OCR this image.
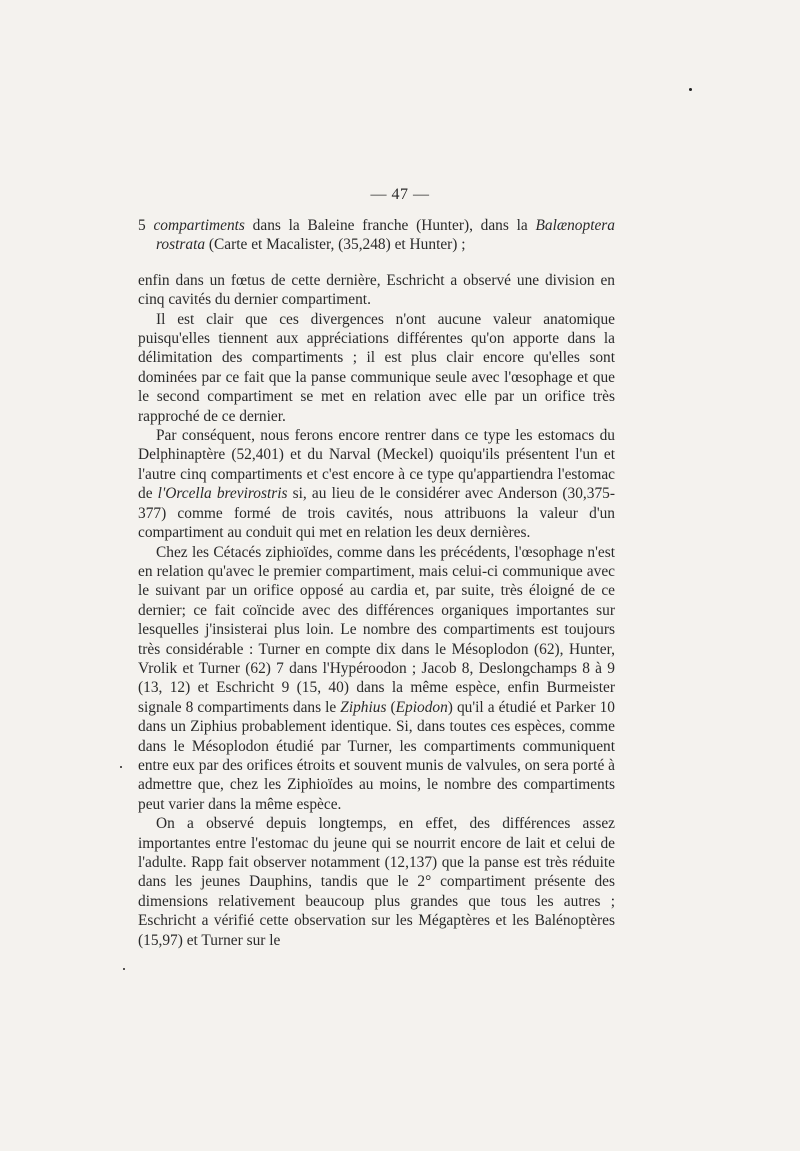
— 47 —

5 compartiments dans la Baleine franche (Hunter), dans la Balænoptera rostrata (Carte et Macalister, (35,248) et Hunter) ;

enfin dans un fœtus de cette dernière, Eschricht a observé une division en cinq cavités du dernier compartiment.

Il est clair que ces divergences n'ont aucune valeur anatomique puisqu'elles tiennent aux appréciations différentes qu'on apporte dans la délimitation des compartiments ; il est plus clair encore qu'elles sont dominées par ce fait que la panse communique seule avec l'œsophage et que le second compartiment se met en relation avec elle par un orifice très rapproché de ce dernier.

Par conséquent, nous ferons encore rentrer dans ce type les estomacs du Delphinaptère (52,401) et du Narval (Meckel) quoiqu'ils présentent l'un et l'autre cinq compartiments et c'est encore à ce type qu'appartiendra l'estomac de l'Orcella brevirostris si, au lieu de le considérer avec Anderson (30,375-377) comme formé de trois cavités, nous attribuons la valeur d'un compartiment au conduit qui met en relation les deux dernières.

Chez les Cétacés ziphioïdes, comme dans les précédents, l'œsophage n'est en relation qu'avec le premier compartiment, mais celui-ci communique avec le suivant par un orifice opposé au cardia et, par suite, très éloigné de ce dernier; ce fait coïncide avec des différences organiques importantes sur lesquelles j'insisterai plus loin. Le nombre des compartiments est toujours très considérable : Turner en compte dix dans le Mésoplodon (62), Hunter, Vrolik et Turner (62) 7 dans l'Hypéroodon ; Jacob 8, Deslongchamps 8 à 9 (13, 12) et Eschricht 9 (15, 40) dans la même espèce, enfin Burmeister signale 8 compartiments dans le Ziphius (Epiodon) qu'il a étudié et Parker 10 dans un Ziphius probablement identique. Si, dans toutes ces espèces, comme dans le Mésoplodon étudié par Turner, les compartiments communiquent entre eux par des orifices étroits et souvent munis de valvules, on sera porté à admettre que, chez les Ziphioïdes au moins, le nombre des compartiments peut varier dans la même espèce.

On a observé depuis longtemps, en effet, des différences assez importantes entre l'estomac du jeune qui se nourrit encore de lait et celui de l'adulte. Rapp fait observer notamment (12,137) que la panse est très réduite dans les jeunes Dauphins, tandis que le 2° compartiment présente des dimensions relativement beaucoup plus grandes que tous les autres ; Eschricht a vérifié cette observation sur les Mégaptères et les Balénoptères (15,97) et Turner sur le
